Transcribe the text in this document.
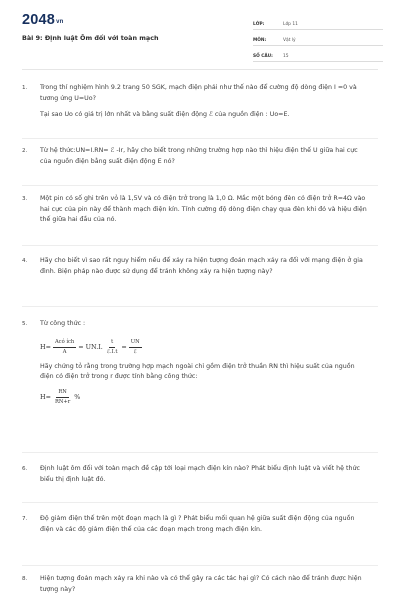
2048vn
Bài 9: Định luật Ôm đối với toàn mạch
LỚP:	Lớp 11
MÔN:	Vật lý
SỐ CÂU:	15
1.	Trong thí nghiệm hình 9.2 trang 50 SGK, mạch điện phải như thế nào để cường độ dòng điện I =0 và tương ứng U=Uo?
Tại sao Uo có giá trị lớn nhất và bằng suất điện động ℰ của nguồn điện : Uo=E.
2.	Từ hệ thức:UN=I.RN= ℰ -Ir, hãy cho biết trong những trường hợp nào thì hiệu điện thế U giữa hai cực của nguồn điện bằng suất điện động E nó?
3.	Một pin có số ghi trên vỏ là 1,5V và có điện trở trong là 1,0 Ω. Mắc một bóng đèn có điện trở R=4Ω vào hai cực của pin này để thành mạch điện kín. Tính cường độ dòng điện chạy qua đèn khi đó và hiệu điện thế giữa hai đầu của nó.
4.	Hãy cho biết vì sao rất nguy hiểm nếu để xảy ra hiện tượng đoản mạch xảy ra đối với mạng điện ở gia đình. Biện pháp nào được sử dụng để tránh không xảy ra hiện tượng này?
5.	Từ công thức :
$H= \frac{\text{Acó ích}}{A} = UN.I$. $\frac{t}{\text{ℰ.I.t}} = \frac{UN}{\text{ℰ}}$
Hãy chứng tỏ rằng trong trường hợp mạch ngoài chỉ gồm điện trở thuần RN thì hiệu suất của nguồn điện có điện trở trong r được tính bằng công thức:
$H= \frac{RN}{RN+r}$ %
6.	Định luật ôm đối với toàn mạch đề cập tới loại mạch điện kín nào? Phát biểu định luật và viết hệ thức biểu thị định luật đó.
7.	Độ giảm điện thế trên một đoạn mạch là gì ? Phát biểu mối quan hệ giữa suất điện động của nguồn điện và các độ giảm điện thế của các đoạn mạch trong mạch điện kín.
8.	Hiện tượng đoản mạch xảy ra khi nào và có thể gây ra các tác hại gì? Có cách nào để tránh được hiện tượng này?
